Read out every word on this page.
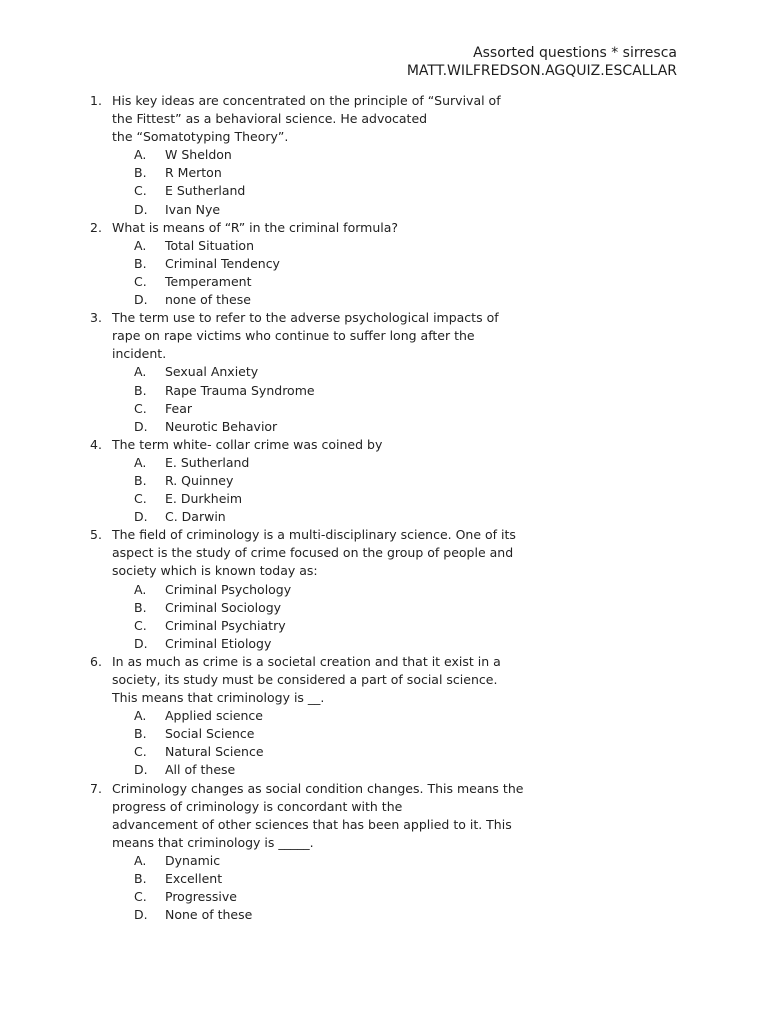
Assorted questions * sirresca
MATT.WILFREDSON.AGQUIZ.ESCALLAR
1. His key ideas are concentrated on the principle of “Survival of
the Fittest” as a behavioral science. He advocated
the “Somatotyping Theory”.
A. W Sheldon
B. R Merton
C. E Sutherland
D. Ivan Nye
2. What is means of “R” in the criminal formula?
A. Total Situation
B. Criminal Tendency
C. Temperament
D. none of these
3. The term use to refer to the adverse psychological impacts of
rape on rape victims who continue to suffer long after the
incident.
A. Sexual Anxiety
B. Rape Trauma Syndrome
C. Fear
D. Neurotic Behavior
4. The term white- collar crime was coined by
A. E. Sutherland
B. R. Quinney
C. E. Durkheim
D. C. Darwin
5. The field of criminology is a multi-disciplinary science. One of its
aspect is the study of crime focused on the group of people and
society which is known today as:
A. Criminal Psychology
B. Criminal Sociology
C. Criminal Psychiatry
D. Criminal Etiology
6. In as much as crime is a societal creation and that it exist in a
society, its study must be considered a part of social science.
This means that criminology is __.
A. Applied science
B. Social Science
C. Natural Science
D. All of these
7. Criminology changes as social condition changes. This means the
progress of criminology is concordant with the
advancement of other sciences that has been applied to it. This
means that criminology is _____.
A. Dynamic
B. Excellent
C. Progressive
D. None of these
